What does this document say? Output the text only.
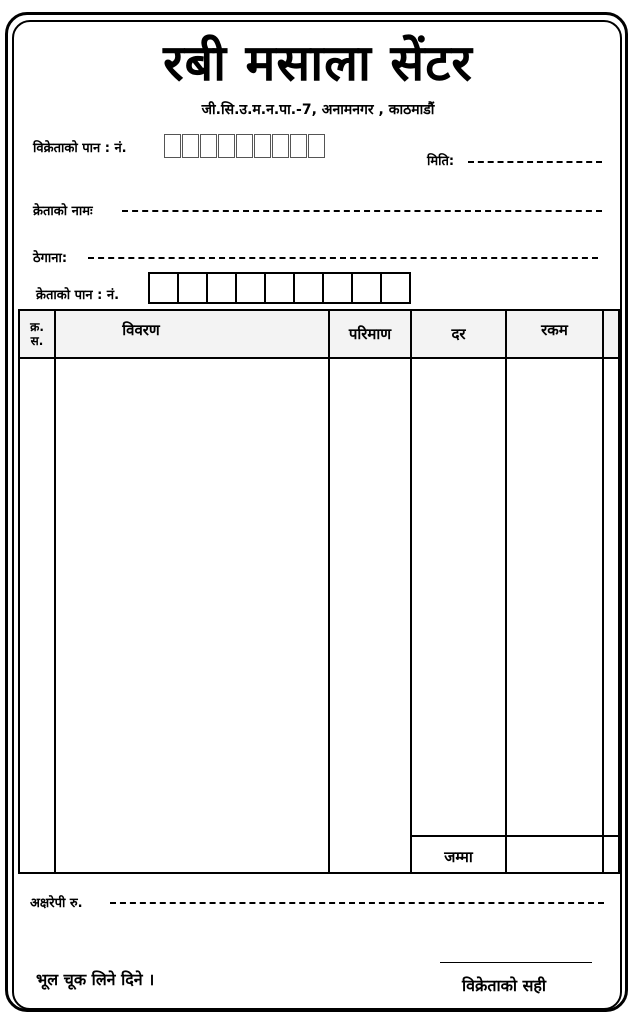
रबी मसाला सेंटर
जी.सि.उ.म.न.पा.-7, अनामनगर , काठमाडौं
विक्रेताको पान : नं.
मिति:
क्रेताको नामः
ठेगाना:
क्रेताको पान : नं.
क्र.
स.
विवरण	परिमाण	दर	रकम
जम्मा
अक्षरेपी रु.
भूल चूक लिने दिने ।	विक्रेताको सही
